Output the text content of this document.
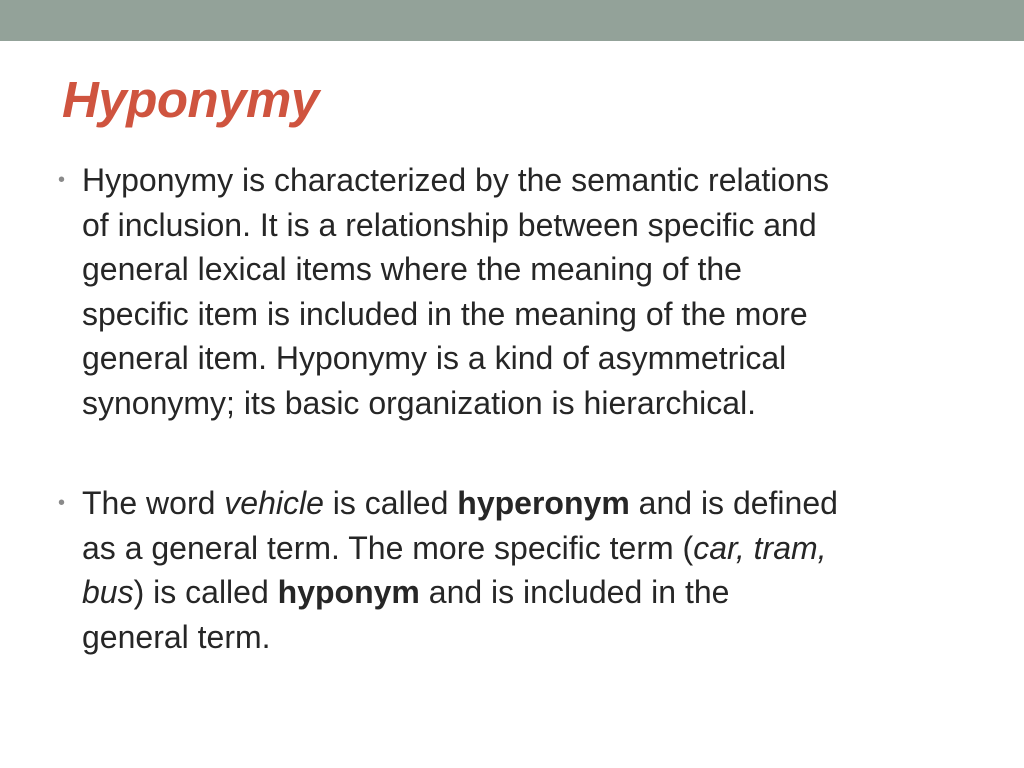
Hyponymy
• Hyponymy is characterized by the semantic relations
of inclusion. It is a relationship between specific and
general lexical items where the meaning of the
specific item is included in the meaning of the more
general item. Hyponymy is a kind of asymmetrical
synonymy; its basic organization is hierarchical.
• The word vehicle is called hyperonym and is defined
as a general term. The more specific term (car, tram,
bus) is called hyponym and is included in the
general term.
